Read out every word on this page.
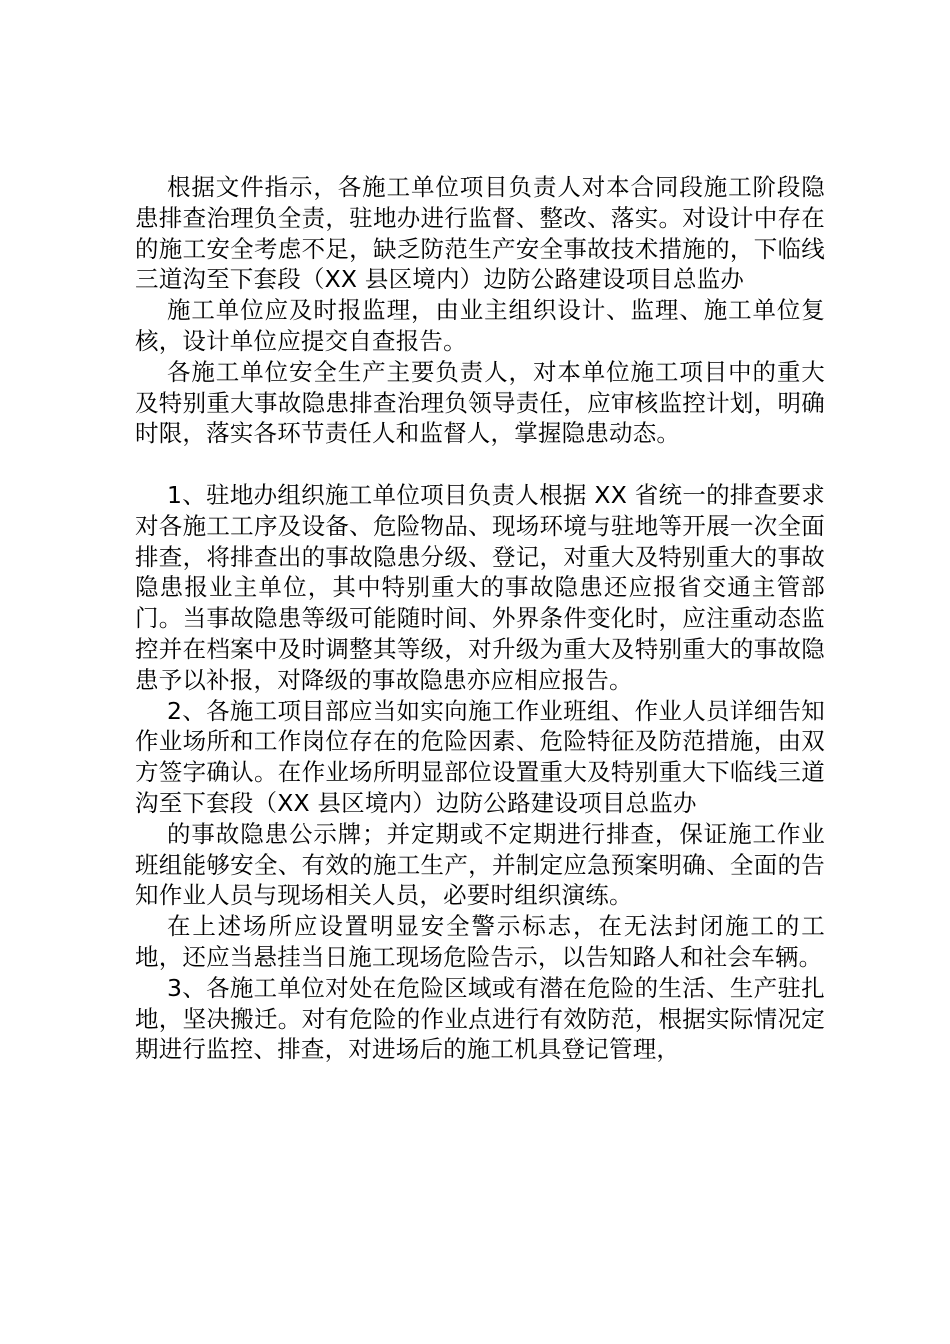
根据文件指示，各施工单位项目负责人对本合同段施工阶段隐患排查治理负全责，驻地办进行监督、整改、落实。对设计中存在的施工安全考虑不足，缺乏防范生产安全事故技术措施的，下临线三道沟至下套段（XX 县区境内）边防公路建设项目总监办

施工单位应及时报监理，由业主组织设计、监理、施工单位复核，设计单位应提交自查报告。

各施工单位安全生产主要负责人，对本单位施工项目中的重大及特别重大事故隐患排查治理负领导责任，应审核监控计划，明确时限，落实各环节责任人和监督人，掌握隐患动态。

1、驻地办组织施工单位项目负责人根据 XX 省统一的排查要求对各施工工序及设备、危险物品、现场环境与驻地等开展一次全面排查，将排查出的事故隐患分级、登记，对重大及特别重大的事故隐患报业主单位，其中特别重大的事故隐患还应报省交通主管部门。当事故隐患等级可能随时间、外界条件变化时，应注重动态监控并在档案中及时调整其等级，对升级为重大及特别重大的事故隐患予以补报，对降级的事故隐患亦应相应报告。

2、各施工项目部应当如实向施工作业班组、作业人员详细告知作业场所和工作岗位存在的危险因素、危险特征及防范措施，由双方签字确认。在作业场所明显部位设置重大及特别重大下临线三道沟至下套段（XX 县区境内）边防公路建设项目总监办

的事故隐患公示牌；并定期或不定期进行排查，保证施工作业班组能够安全、有效的施工生产，并制定应急预案明确、全面的告知作业人员与现场相关人员，必要时组织演练。

在上述场所应设置明显安全警示标志，在无法封闭施工的工地，还应当悬挂当日施工现场危险告示，以告知路人和社会车辆。

3、各施工单位对处在危险区域或有潜在危险的生活、生产驻扎地，坚决搬迁。对有危险的作业点进行有效防范，根据实际情况定期进行监控、排查，对进场后的施工机具登记管理，
